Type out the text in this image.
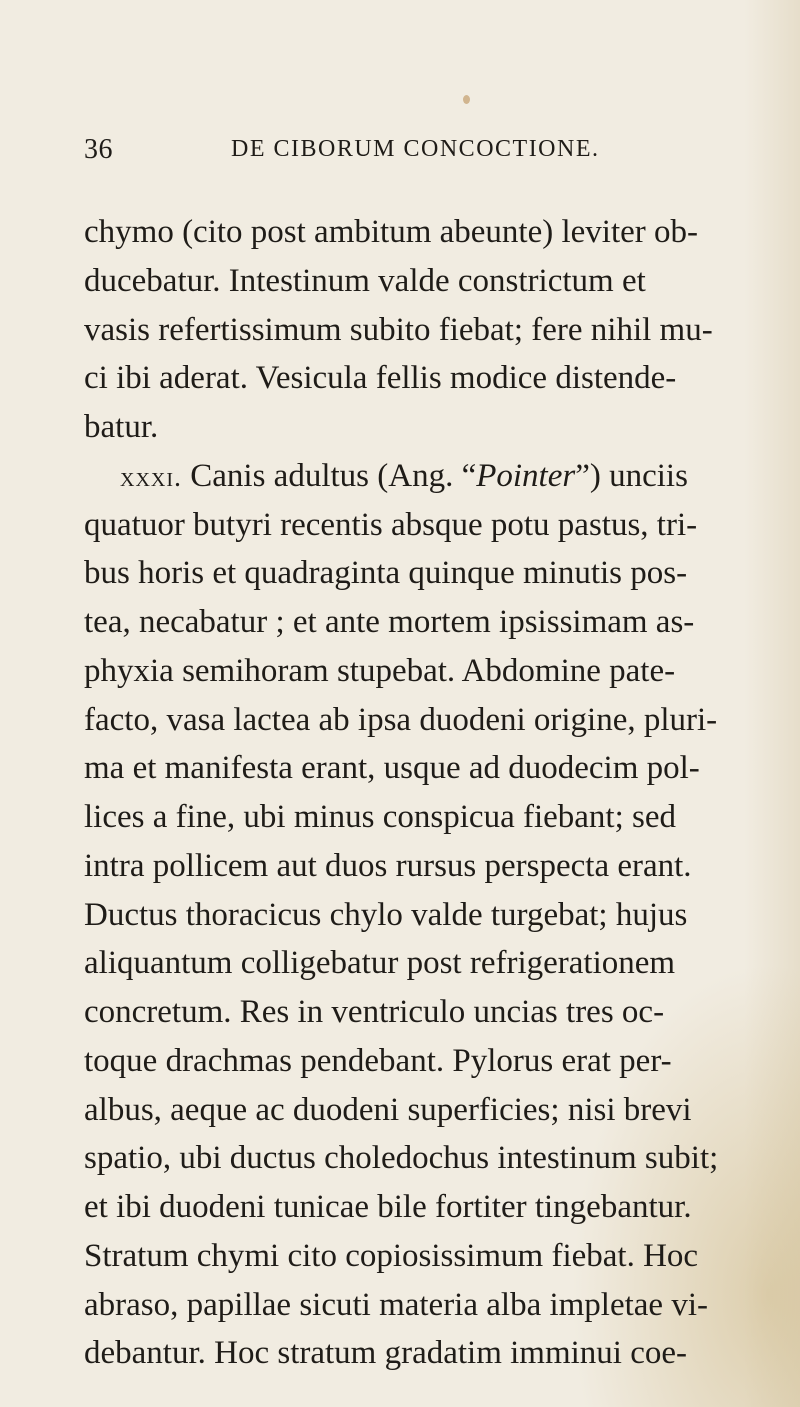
36	DE CIBORUM CONCOCTIONE.
chymo (cito post ambitum abeunte) leviter ob-
ducebatur. Intestinum valde constrictum et
vasis refertissimum subito fiebat; fere nihil mu-
ci ibi aderat. Vesicula fellis modice distende-
batur.
xxxi. Canis adultus (Ang. “Pointer”) unciis
quatuor butyri recentis absque potu pastus, tri-
bus horis et quadraginta quinque minutis pos-
tea, necabatur ; et ante mortem ipsissimam as-
phyxia semihoram stupebat. Abdomine pate-
facto, vasa lactea ab ipsa duodeni origine, pluri-
ma et manifesta erant, usque ad duodecim pol-
lices a fine, ubi minus conspicua fiebant; sed
intra pollicem aut duos rursus perspecta erant.
Ductus thoracicus chylo valde turgebat; hujus
aliquantum colligebatur post refrigerationem
concretum. Res in ventriculo uncias tres oc-
toque drachmas pendebant. Pylorus erat per-
albus, aeque ac duodeni superficies; nisi brevi
spatio, ubi ductus choledochus intestinum subit;
et ibi duodeni tunicae bile fortiter tingebantur.
Stratum chymi cito copiosissimum fiebat. Hoc
abraso, papillae sicuti materia alba impletae vi-
debantur. Hoc stratum gradatim imminui coe-
